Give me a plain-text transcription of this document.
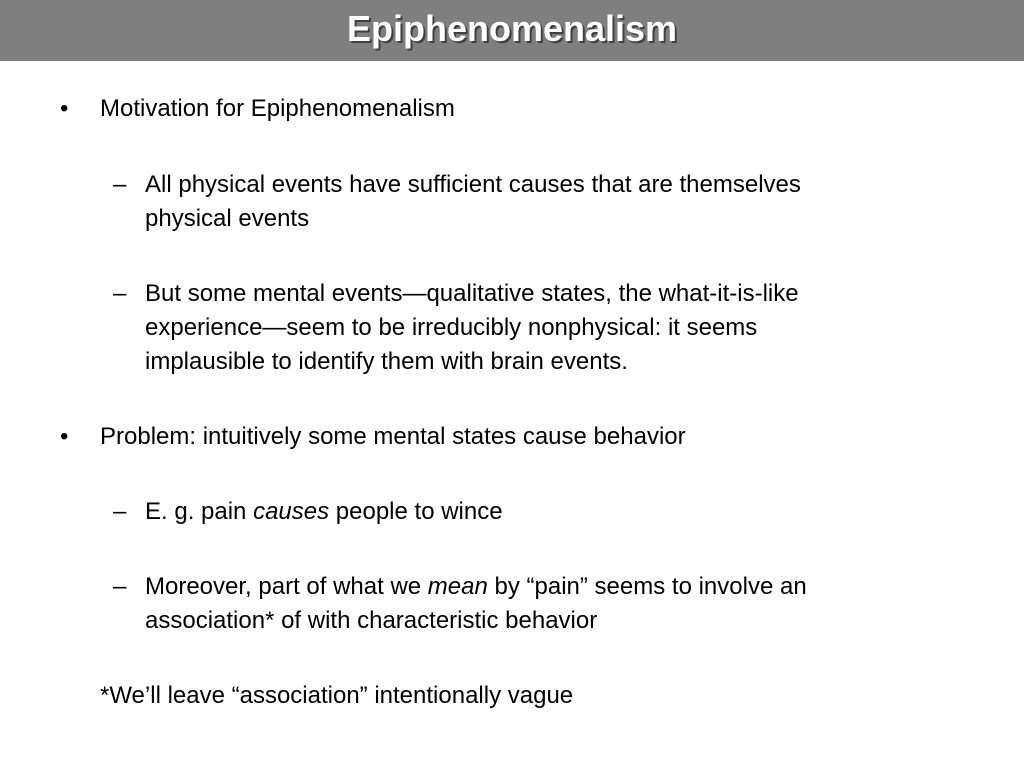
Epiphenomenalism
• Motivation for Epiphenomenalism
– All physical events have sufficient causes that are themselves
physical events
– But some mental events—qualitative states, the what-it-is-like
experience—seem to be irreducibly nonphysical: it seems
implausible to identify them with brain events.
• Problem: intuitively some mental states cause behavior
– E. g. pain causes people to wince
– Moreover, part of what we mean by “pain” seems to involve an
association* of with characteristic behavior
*We’ll leave “association” intentionally vague
